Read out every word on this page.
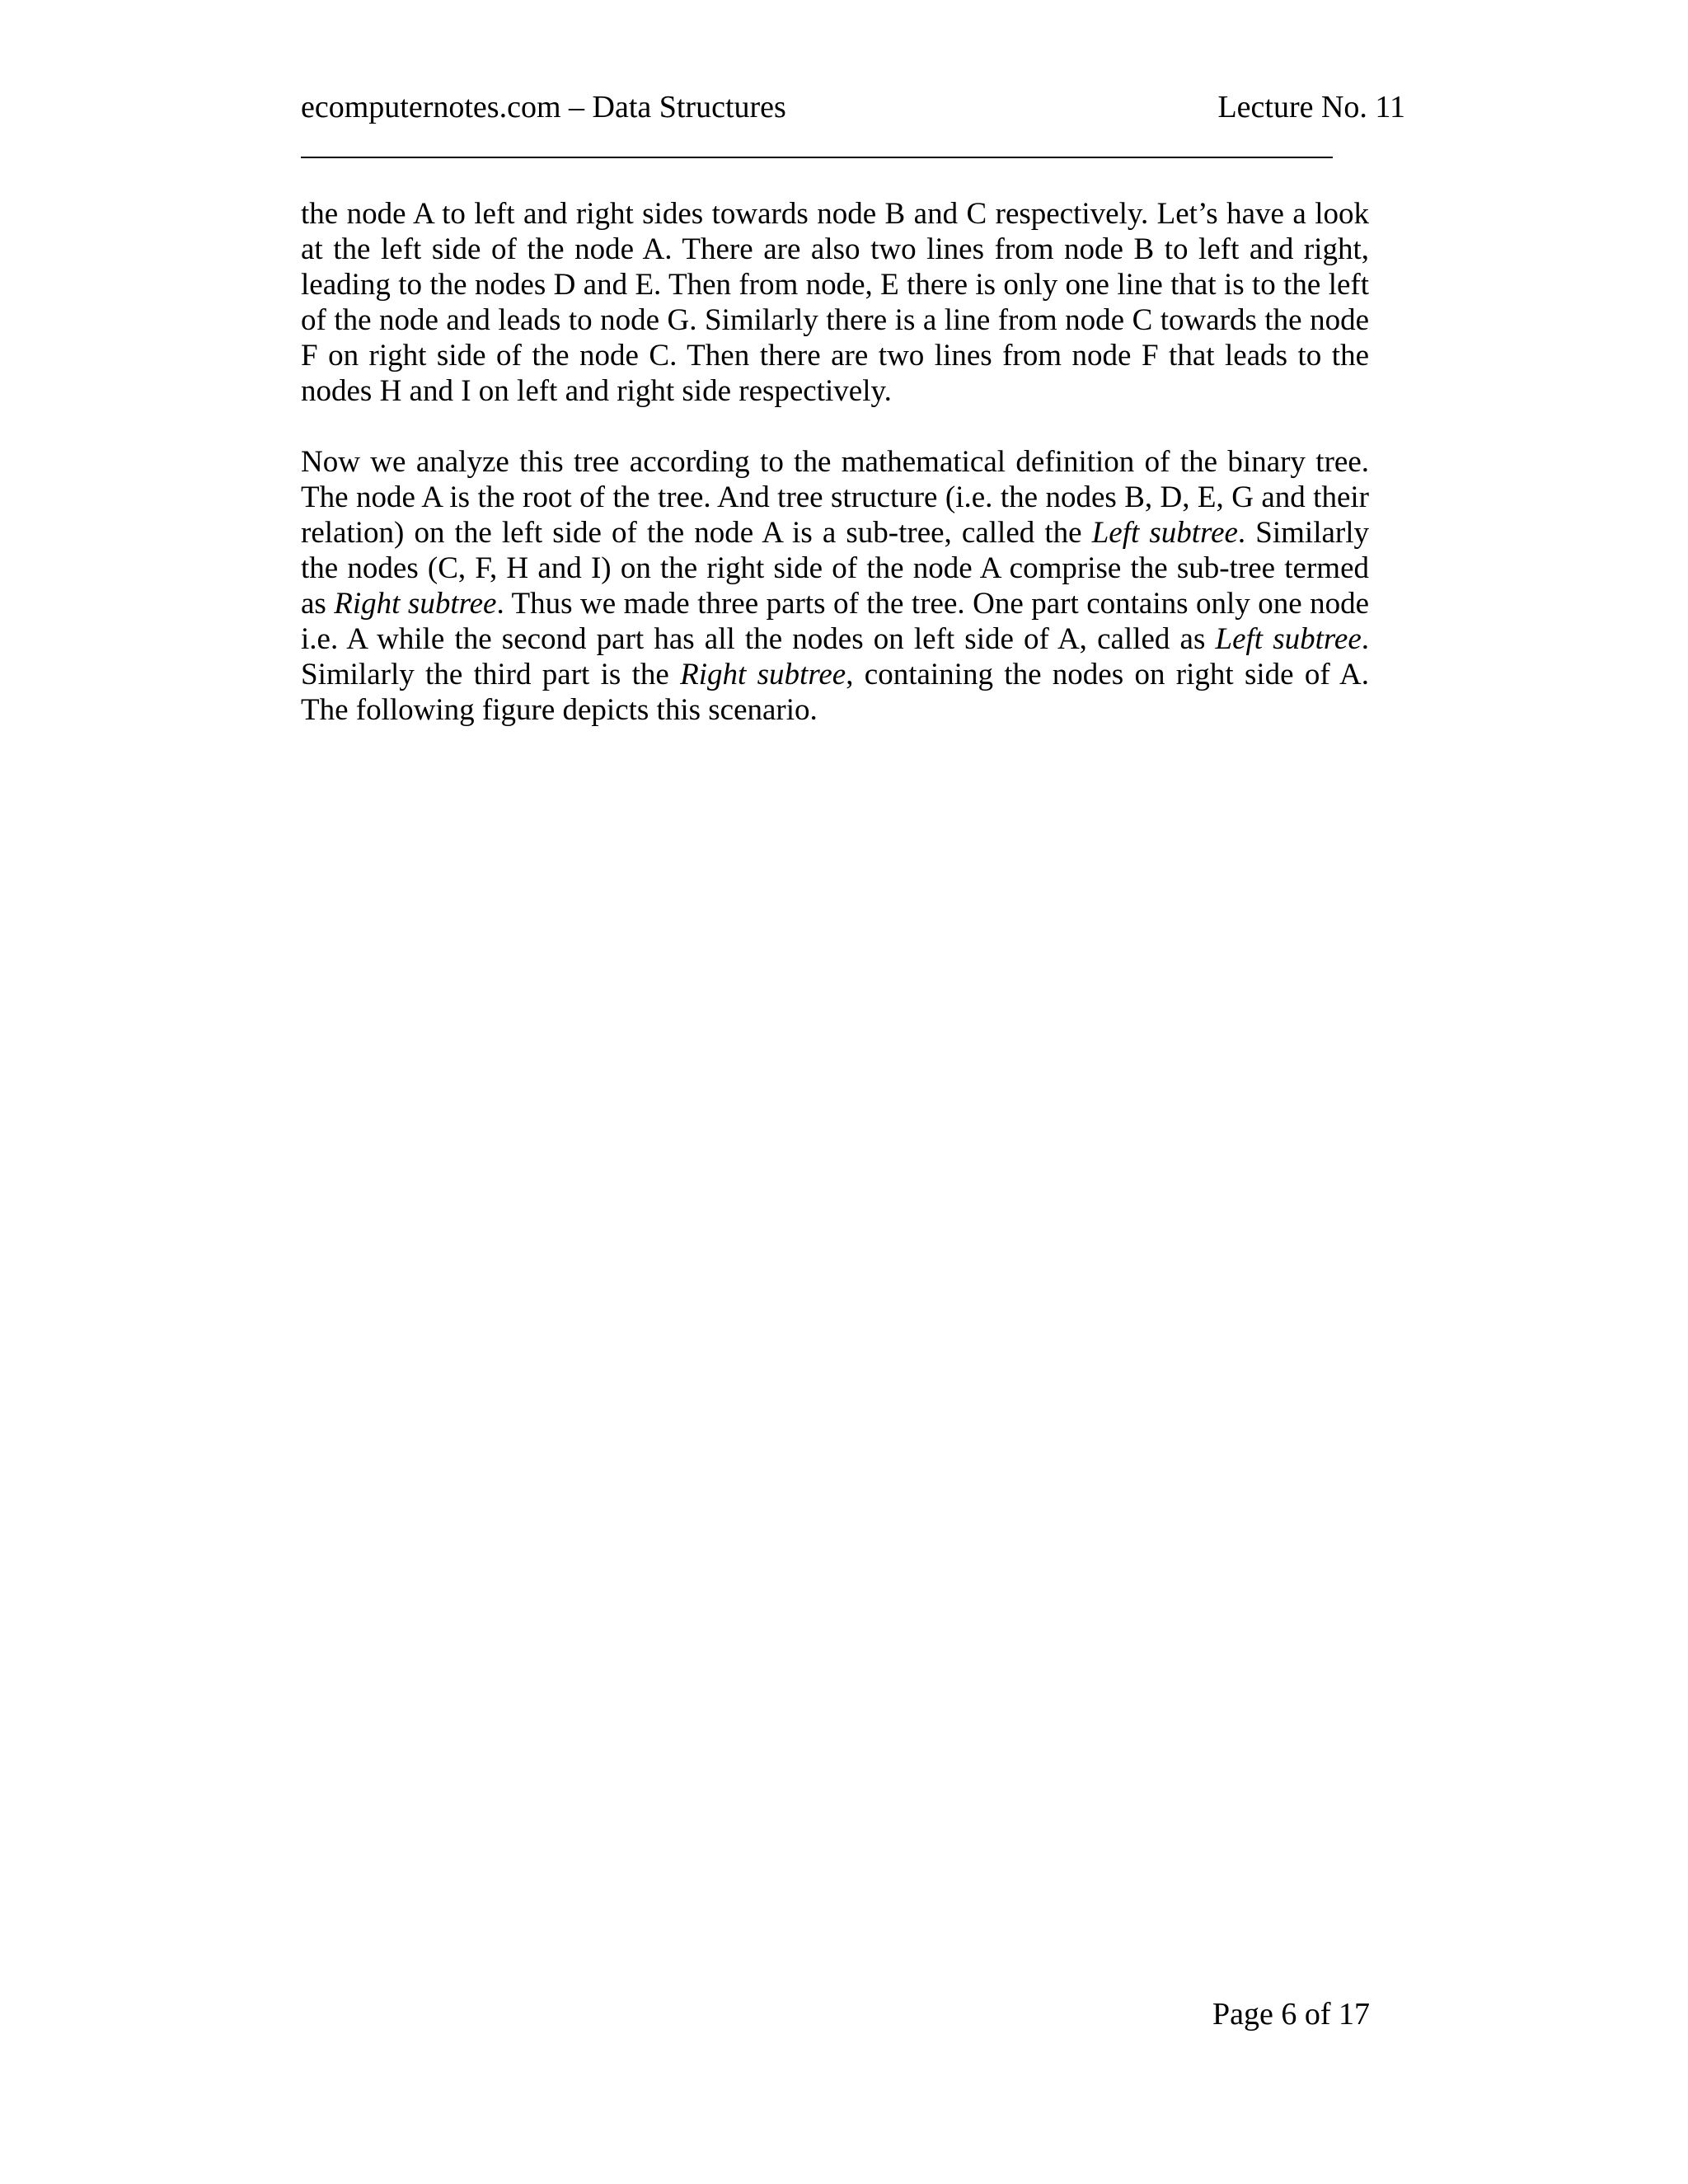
ecomputernotes.com – Data Structures	Lecture No. 11

the node A to left and right sides towards node B and C respectively. Let’s have a look at the left side of the node A. There are also two lines from node B to left and right, leading to the nodes D and E. Then from node, E there is only one line that is to the left of the node and leads to node G. Similarly there is a line from node C towards the node F on right side of the node C. Then there are two lines from node F that leads to the nodes H and I on left and right side respectively.

Now we analyze this tree according to the mathematical definition of the binary tree. The node A is the root of the tree. And tree structure (i.e. the nodes B, D, E, G and their relation) on the left side of the node A is a sub-tree, called the Left subtree. Similarly the nodes (C, F, H and I) on the right side of the node A comprise the sub-tree termed as Right subtree. Thus we made three parts of the tree. One part contains only one node i.e. A while the second part has all the nodes on left side of A, called as Left subtree. Similarly the third part is the Right subtree, containing the nodes on right side of A. The following figure depicts this scenario.

Page 6 of 17
